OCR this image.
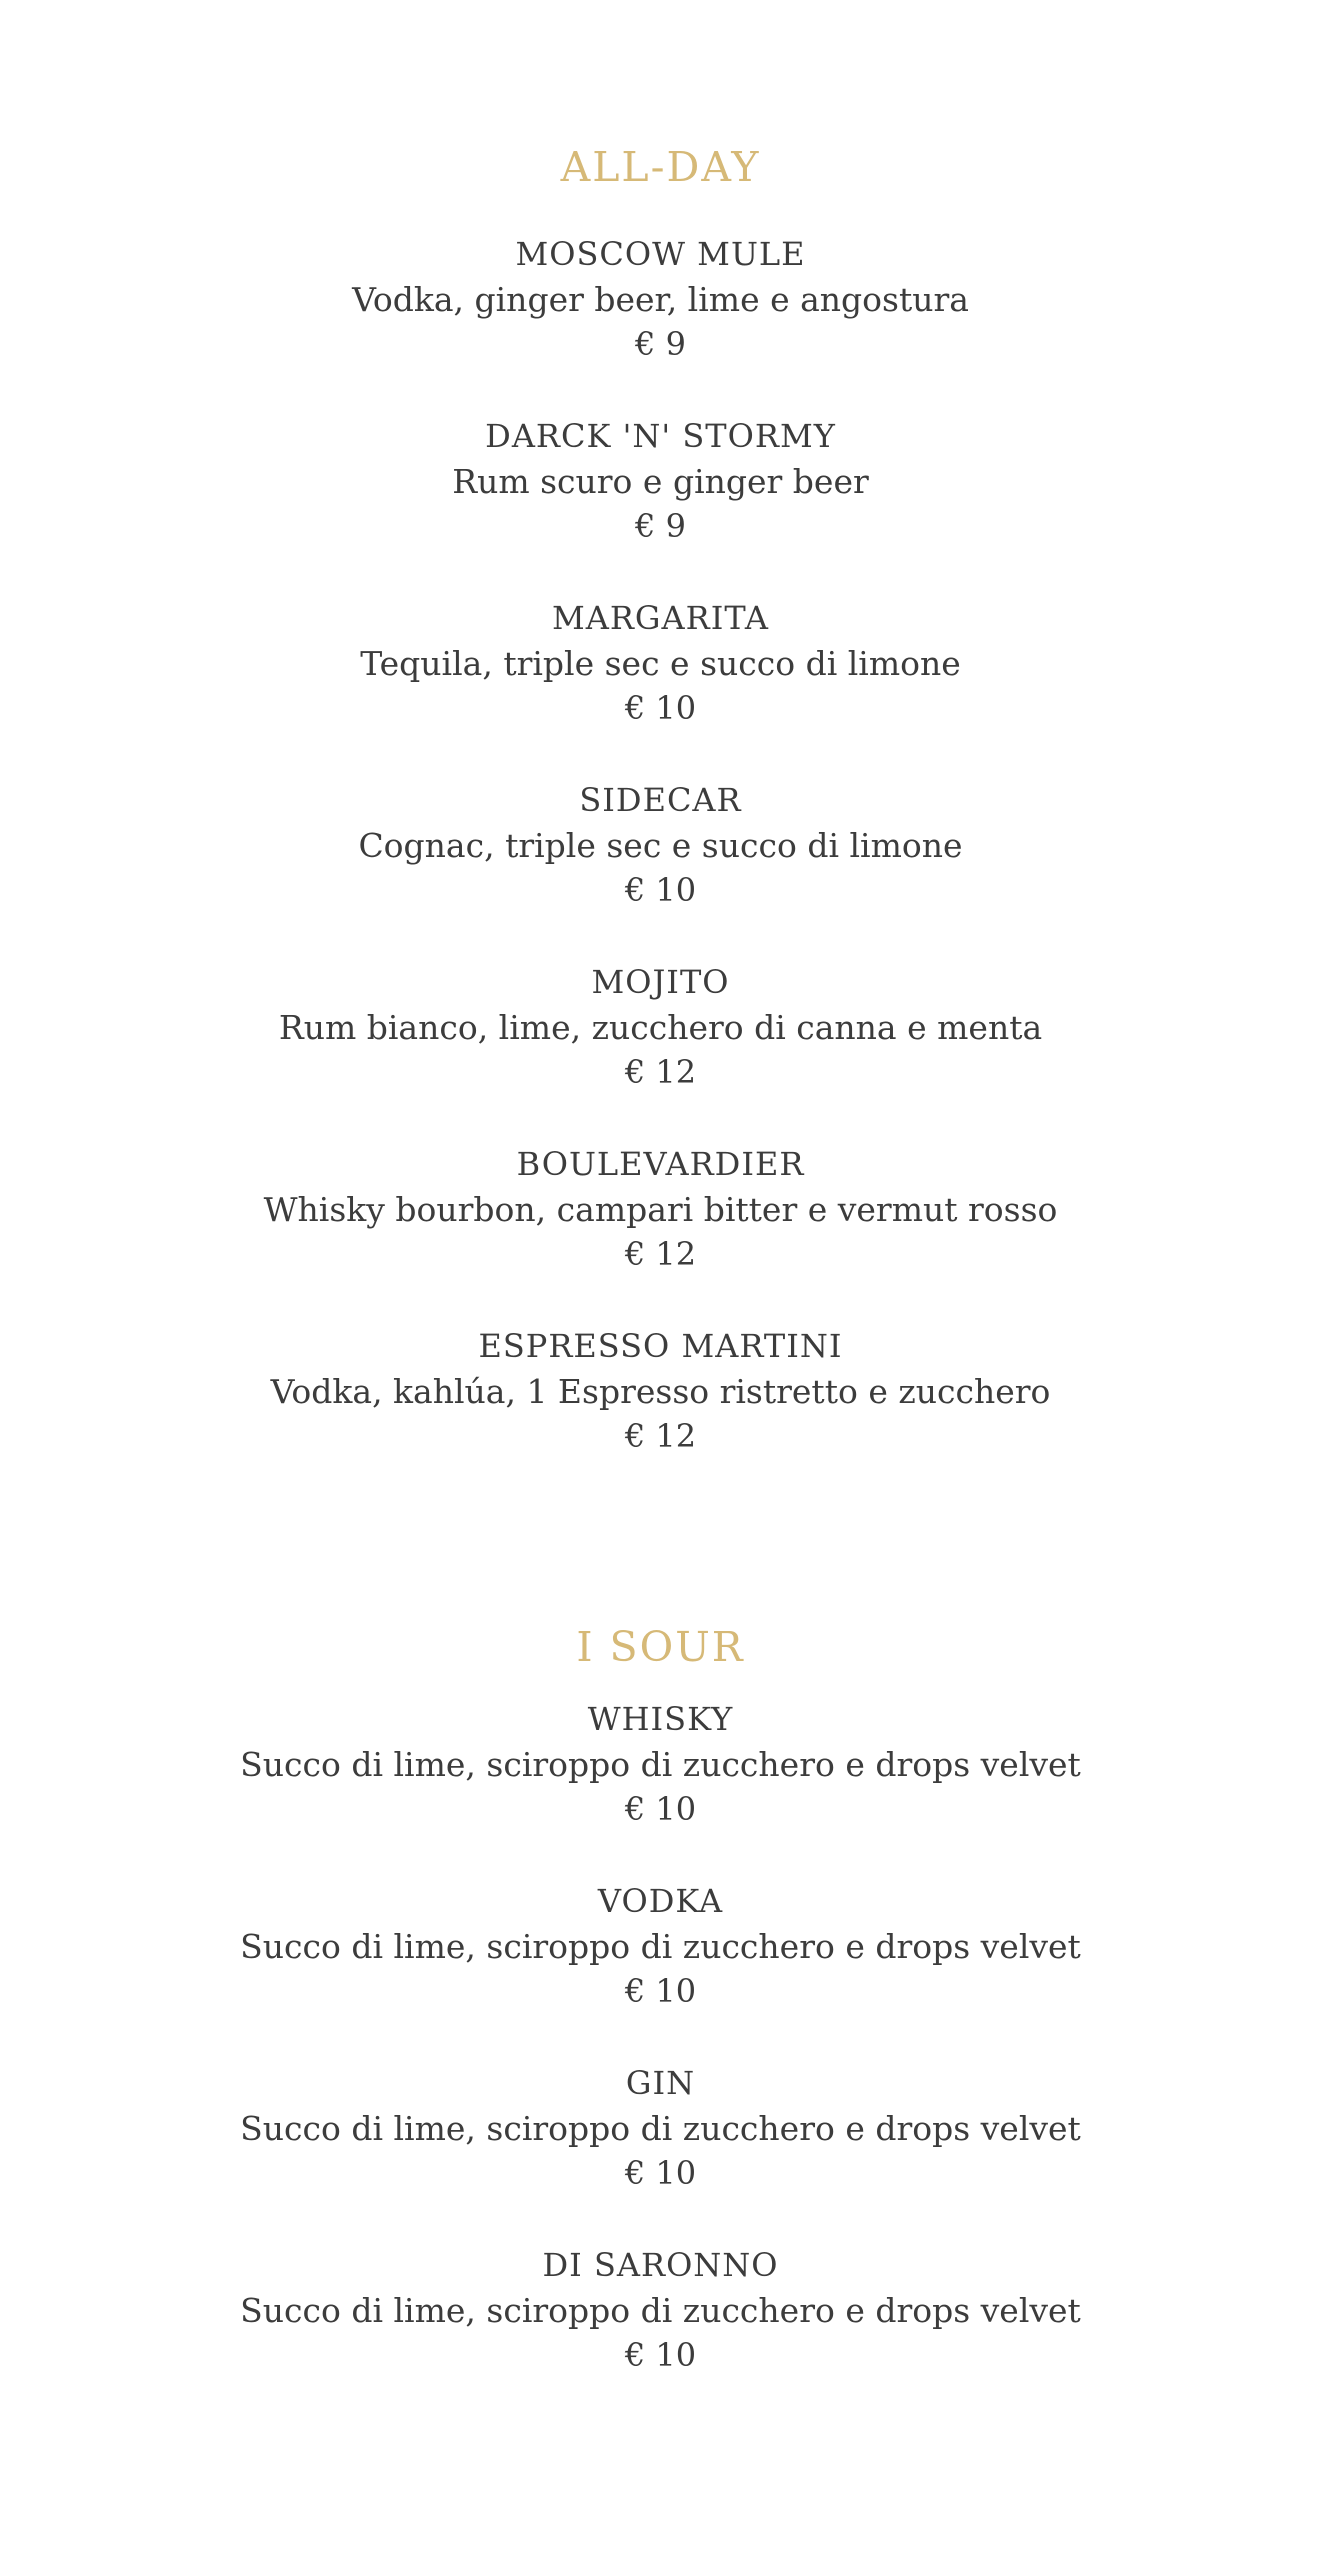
ALL-DAY
MOSCOW MULE
Vodka, ginger beer, lime e angostura
€ 9
DARCK 'N' STORMY
Rum scuro e ginger beer
€ 9
MARGARITA
Tequila, triple sec e succo di limone
€ 10
SIDECAR
Cognac, triple sec e succo di limone
€ 10
MOJITO
Rum bianco, lime, zucchero di canna e menta
€ 12
BOULEVARDIER
Whisky bourbon, campari bitter e vermut rosso
€ 12
ESPRESSO MARTINI
Vodka, kahlúa, 1 Espresso ristretto e zucchero
€ 12
I SOUR
WHISKY
Succo di lime, sciroppo di zucchero e drops velvet
€ 10
VODKA
Succo di lime, sciroppo di zucchero e drops velvet
€ 10
GIN
Succo di lime, sciroppo di zucchero e drops velvet
€ 10
DI SARONNO
Succo di lime, sciroppo di zucchero e drops velvet
€ 10
